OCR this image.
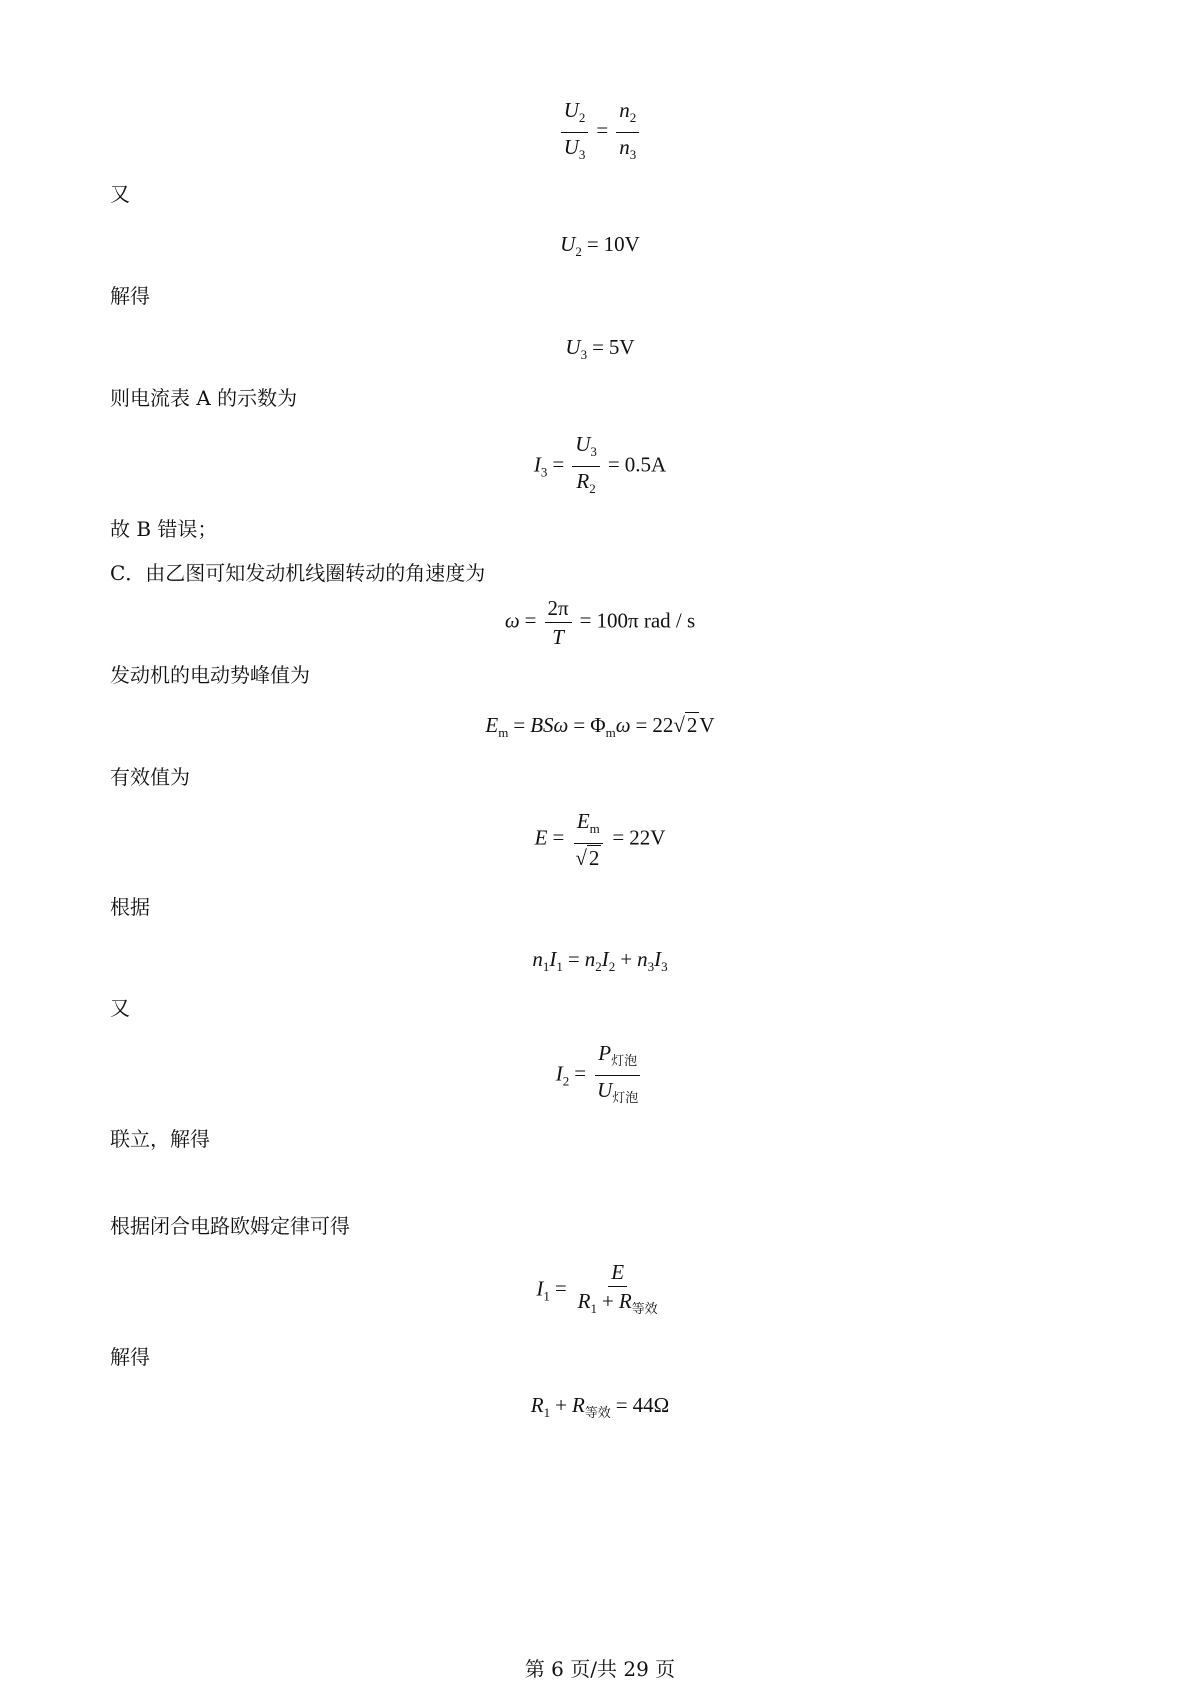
$\frac{U_2}{U_3} = \frac{n_2}{n_3}$
又
$U_2 = 10V$
解得
$U_3 = 5V$
则电流表 A 的示数为
$I_3 = \frac{U_3}{R_2} = 0.5A$
故 B 错误；
C．由乙图可知发动机线圈转动的角速度为
$\omega = \frac{2\pi}{T} = 100\pi$ rad / s
发动机的电动势峰值为
$E_m = BS\omega = \Phi_m\omega = 22√2V$
有效值为
$E = \frac{E_m}{√2} = 22V$
根据
$n_1I_1 = n_2I_2 + n_3I_3$
又
$I_2 = \frac{P_{灯泡}}{U_{灯泡}}$
联立，解得
根据闭合电路欧姆定律可得
$I_1 = \frac{E}{R_1 + R_{等效}}$
解得
$R_1 + R_{等效} = 44\Omega$
第 6 页/共 29 页
